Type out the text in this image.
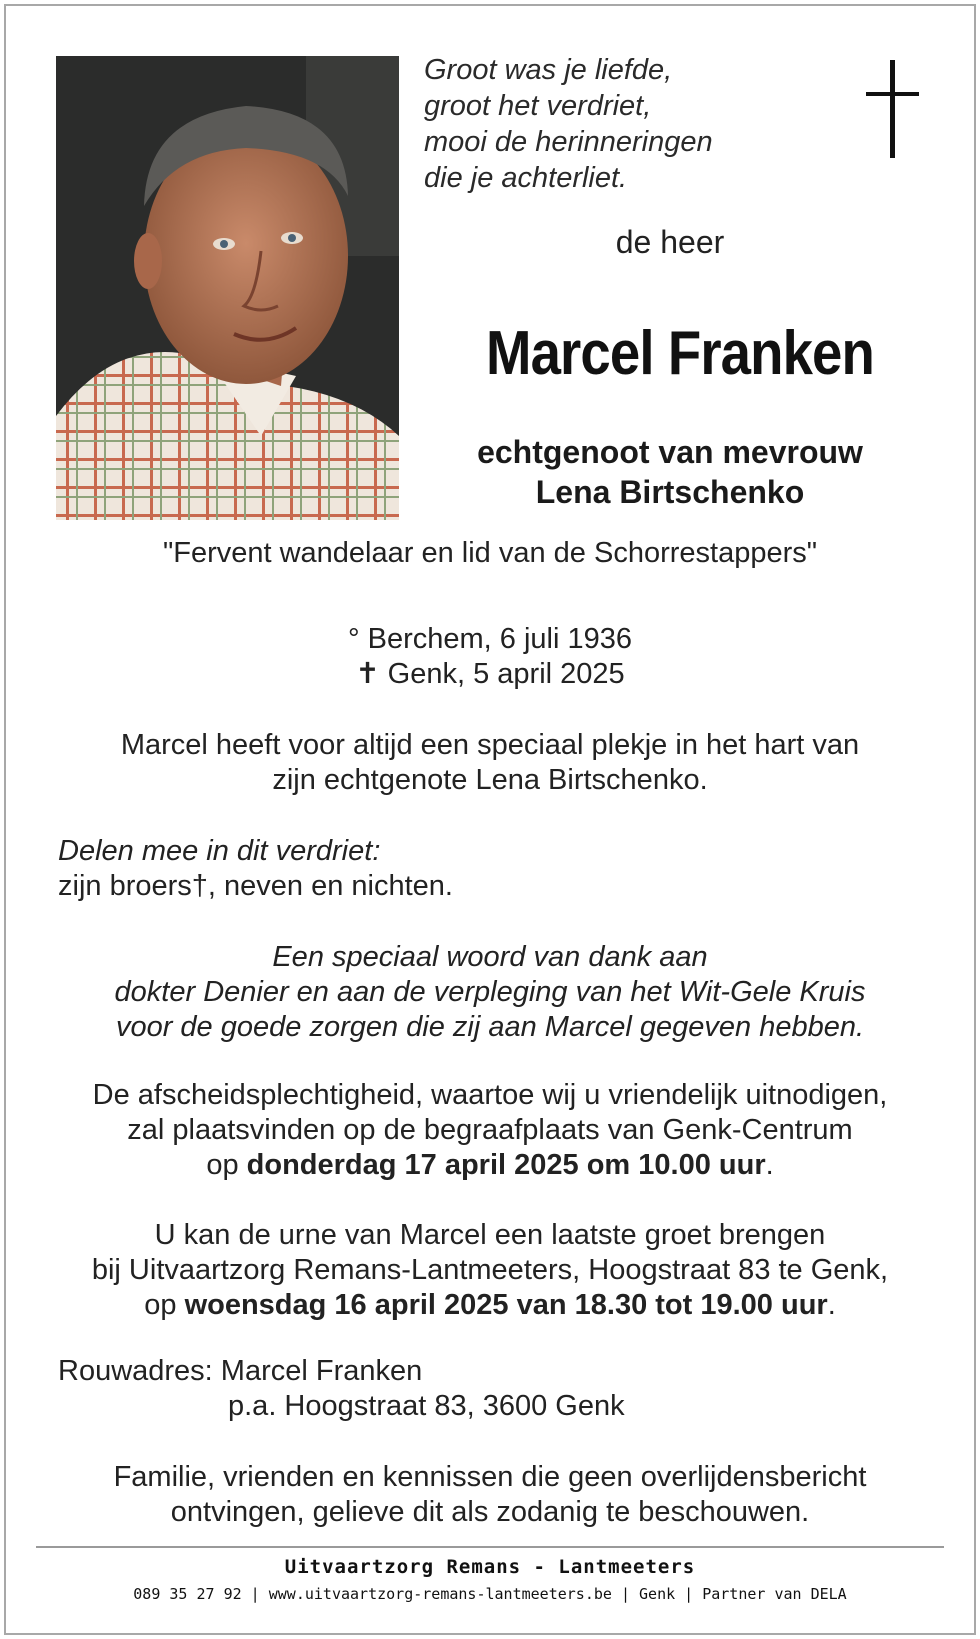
Groot was je liefde,
groot het verdriet,
mooi de herinneringen
die je achterliet.
de heer
Marcel Franken
echtgenoot van mevrouw
Lena Birtschenko
"Fervent wandelaar en lid van de Schorrestappers"
° Berchem, 6 juli 1936
✝ Genk, 5 april 2025
Marcel heeft voor altijd een speciaal plekje in het hart van
zijn echtgenote Lena Birtschenko.
Delen mee in dit verdriet:
zijn broers†, neven en nichten.
Een speciaal woord van dank aan
dokter Denier en aan de verpleging van het Wit-Gele Kruis
voor de goede zorgen die zij aan Marcel gegeven hebben.
De afscheidsplechtigheid, waartoe wij u vriendelijk uitnodigen,
zal plaatsvinden op de begraafplaats van Genk-Centrum
op donderdag 17 april 2025 om 10.00 uur.
U kan de urne van Marcel een laatste groet brengen
bij Uitvaartzorg Remans-Lantmeeters, Hoogstraat 83 te Genk,
op woensdag 16 april 2025 van 18.30 tot 19.00 uur.
Rouwadres: Marcel Franken
p.a. Hoogstraat 83, 3600 Genk
Familie, vrienden en kennissen die geen overlijdensbericht
ontvingen, gelieve dit als zodanig te beschouwen.
Uitvaartzorg Remans - Lantmeeters
089 35 27 92 | www.uitvaartzorg-remans-lantmeeters.be | Genk | Partner van DELA
